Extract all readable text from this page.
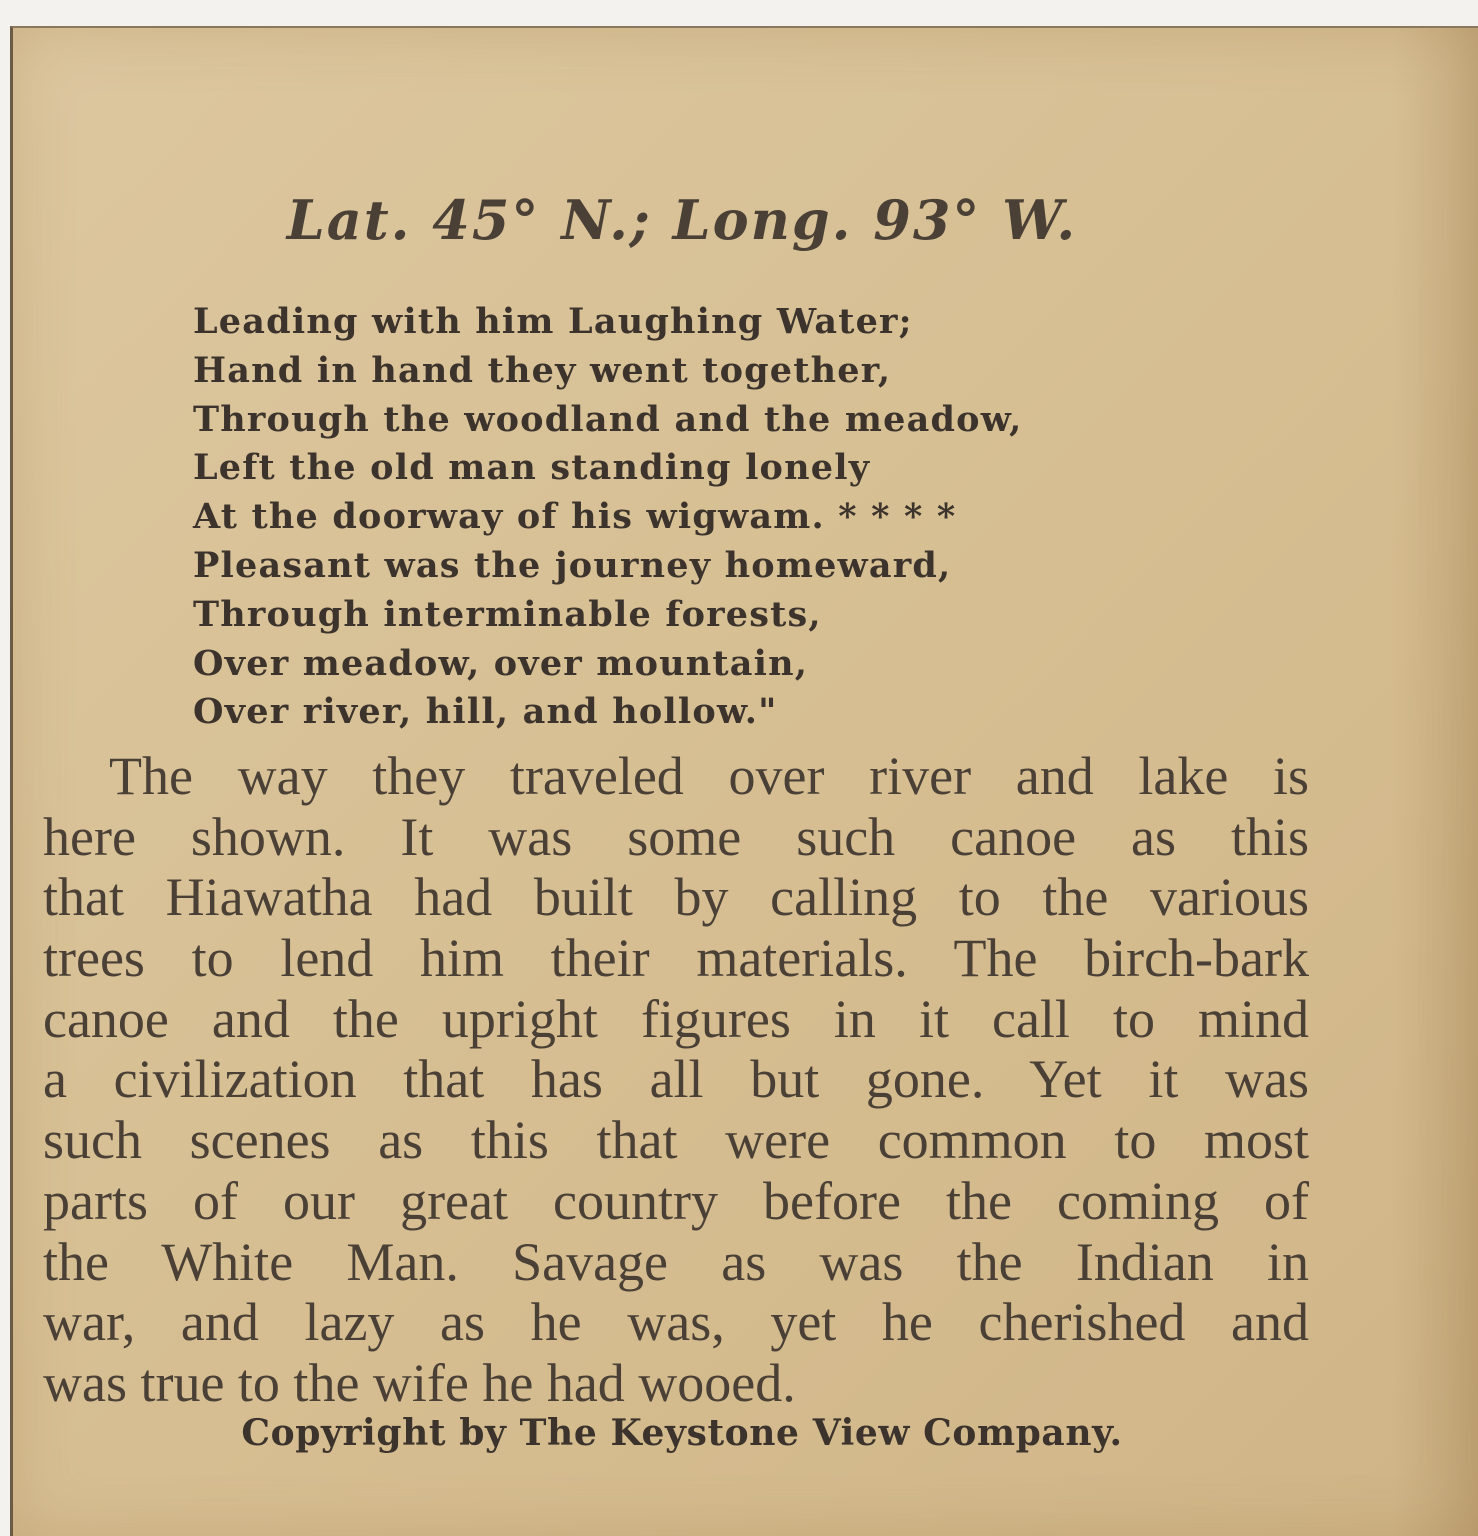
Lat. 45° N.; Long. 93° W.
Leading with him Laughing Water;
Hand in hand they went together,
Through the woodland and the meadow,
Left the old man standing lonely
At the doorway of his wigwam. * * * *
Pleasant was the journey homeward,
Through interminable forests,
Over meadow, over mountain,
Over river, hill, and hollow."
The way they traveled over river and lake is
here shown. It was some such canoe as this
that Hiawatha had built by calling to the various
trees to lend him their materials. The birch-bark
canoe and the upright figures in it call to mind
a civilization that has all but gone. Yet it was
such scenes as this that were common to most
parts of our great country before the coming of
the White Man. Savage as was the Indian in
war, and lazy as he was, yet he cherished and
was true to the wife he had wooed.

Copyright by The Keystone View Company.
